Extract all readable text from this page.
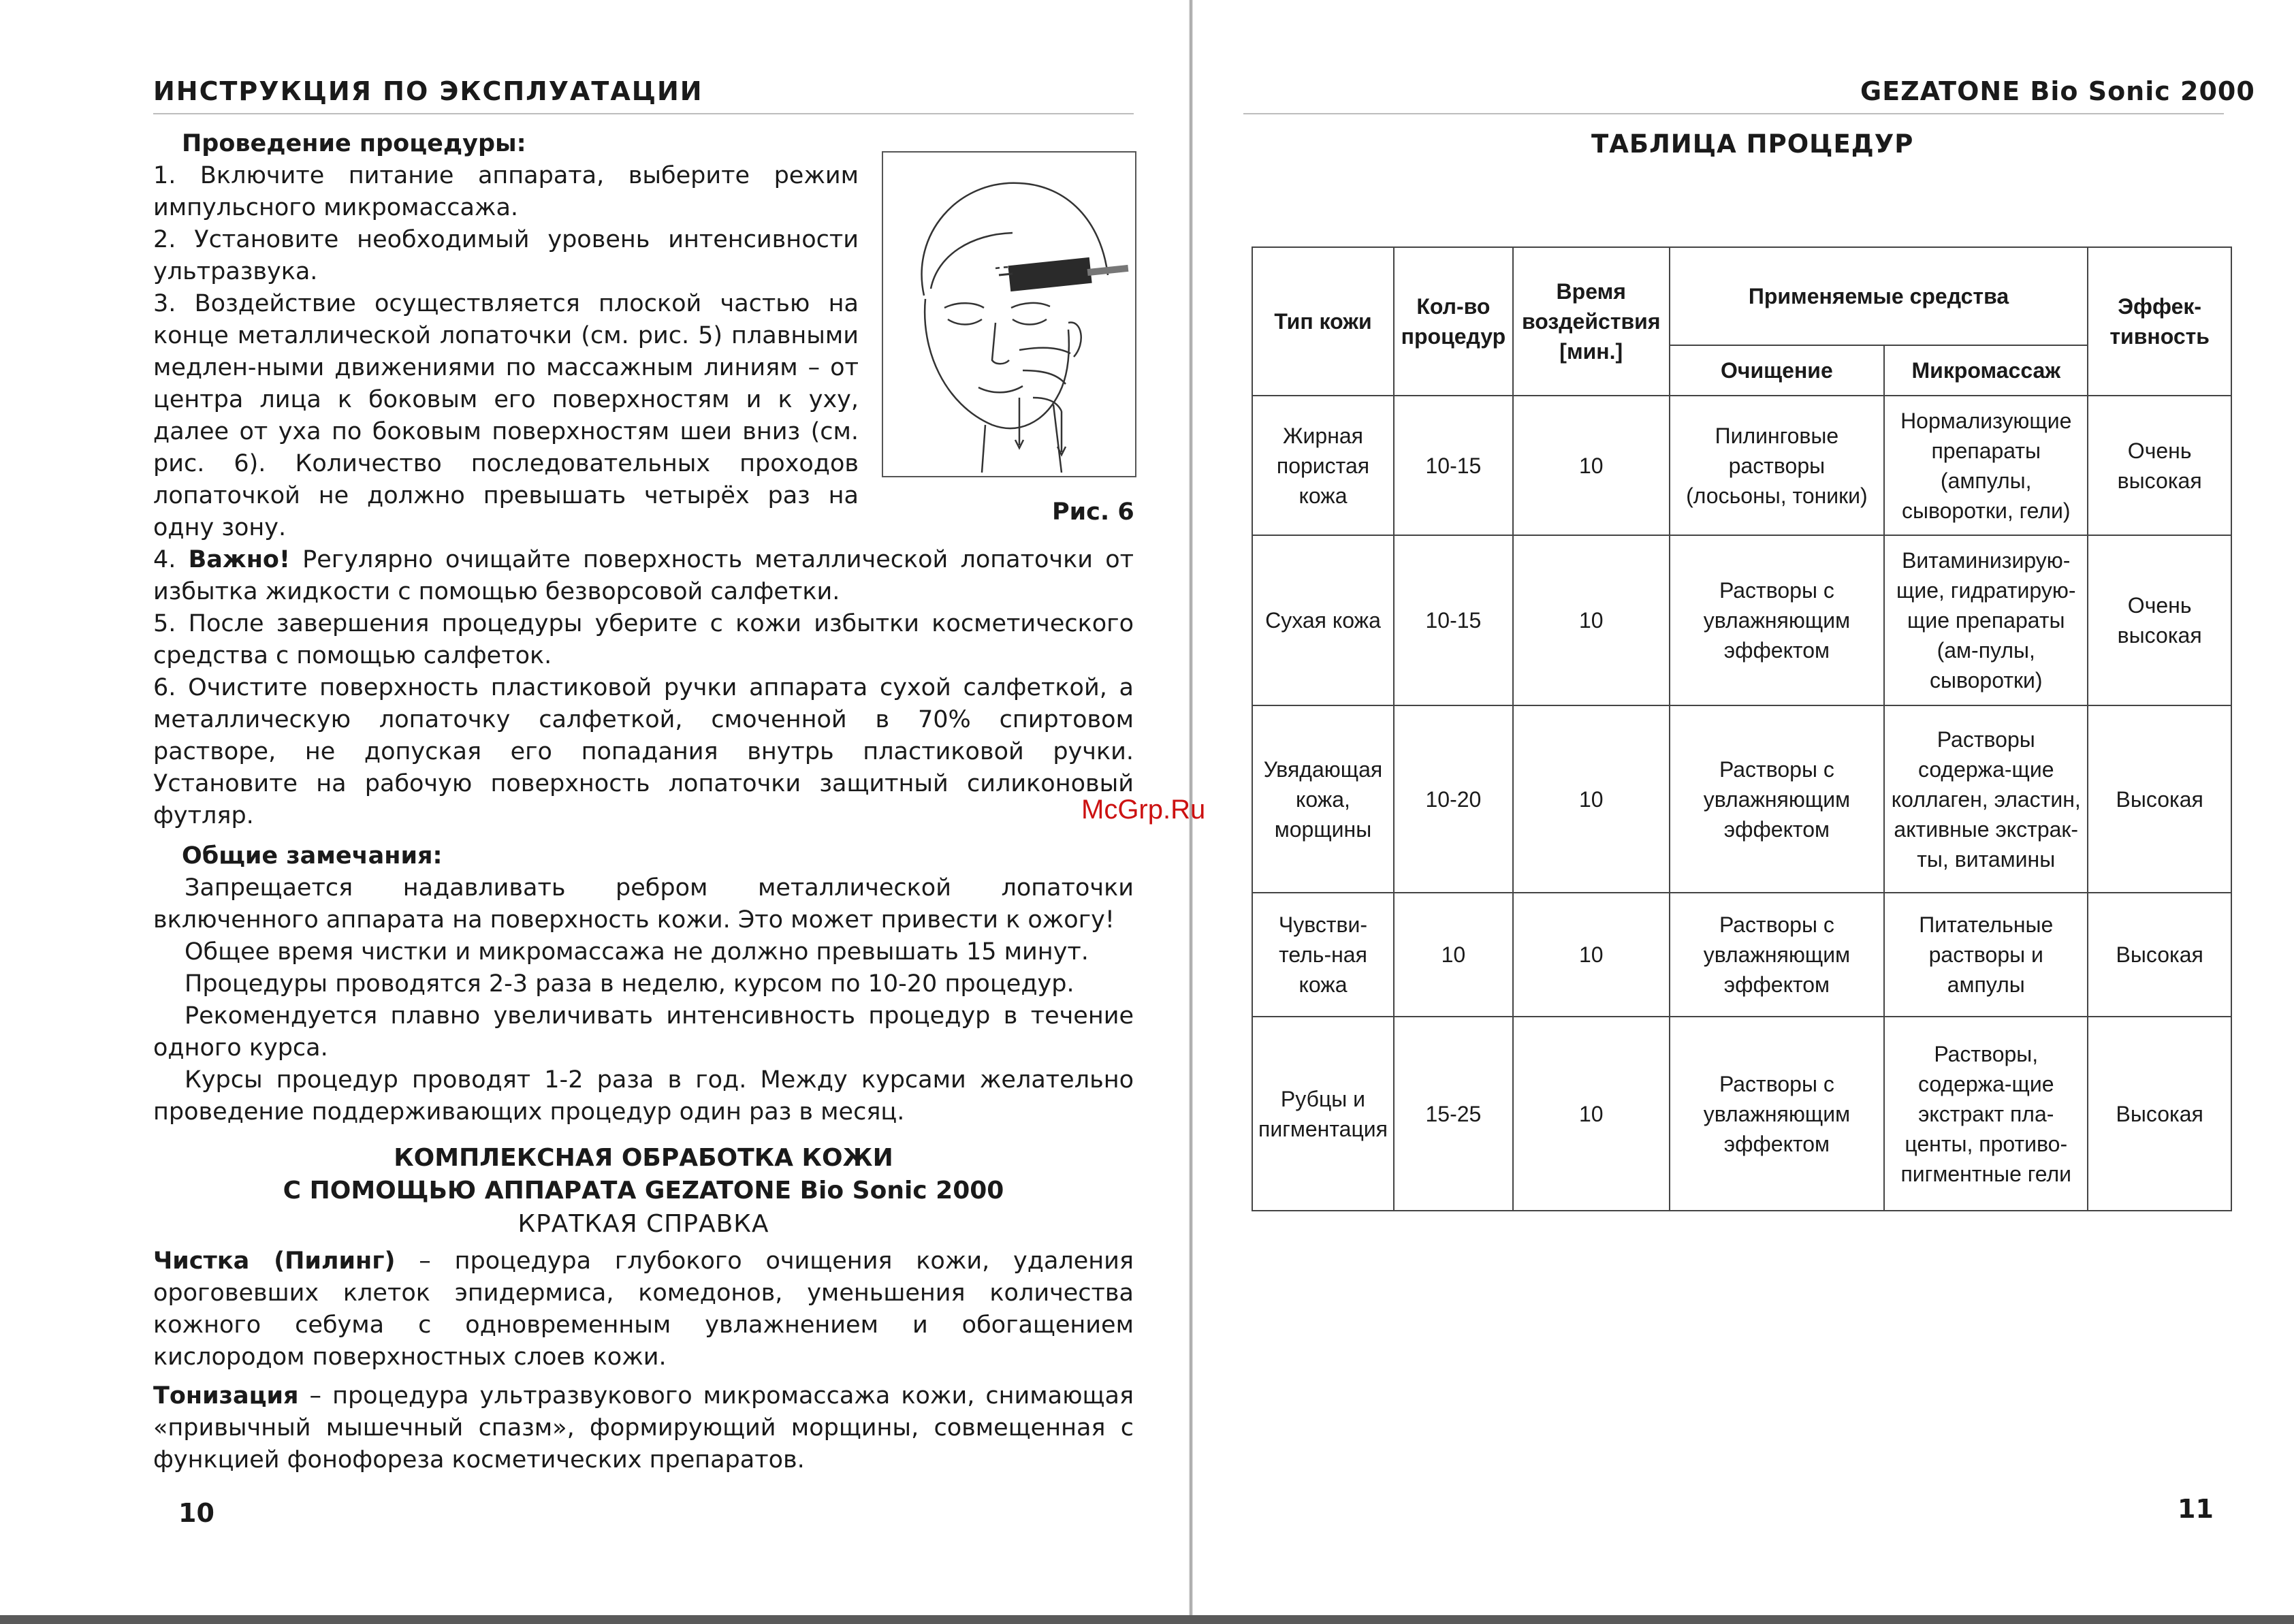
ИНСТРУКЦИЯ ПО ЭКСПЛУАТАЦИИ

Проведение процедуры:

1. Включите питание аппарата, выберите режим импульсного микромассажа.

2. Установите необходимый уровень интенсивности ультразвука.

3. Воздействие осуществляется плоской частью на конце металлической лопаточки (см. рис. 5) плавными медлен-ными движениями по массажным линиям – от центра лица к боковым его поверхностям и к уху, далее от уха по боковым поверхностям шеи вниз (см. рис. 6). Количество последовательных проходов лопаточкой не должно превышать четырёх раз на одну зону.

4. Важно! Регулярно очищайте поверхность металлической лопаточки от избытка жидкости с помощью безворсовой салфетки.

5. После завершения процедуры уберите с кожи избытки косметического средства с помощью салфеток.

6. Очистите поверхность пластиковой ручки аппарата сухой салфеткой, а металлическую лопаточку салфеткой, смоченной в 70% спиртовом растворе, не допуская его попадания внутрь пластиковой ручки. Установите на рабочую поверхность лопаточки защитный силиконовый футляр.

Общие замечания:

Запрещается надавливать ребром металлической лопаточки включенного аппарата на поверхность кожи. Это может привести к ожогу!

Общее время чистки и микромассажа не должно превышать 15 минут.

Процедуры проводятся 2-3 раза в неделю, курсом по 10-20 процедур.

Рекомендуется плавно увеличивать интенсивность процедур в течение одного курса.

Курсы процедур проводят 1-2 раза в год. Между курсами желательно проведение поддерживающих процедур один раз в месяц.

КОМПЛЕКСНАЯ ОБРАБОТКА КОЖИ
С ПОМОЩЬЮ АППАРАТА GEZATONE Bio Sonic 2000
КРАТКАЯ СПРАВКА

Чистка (Пилинг) – процедура глубокого очищения кожи, удаления ороговевших клеток эпидермиса, комедонов, уменьшения количества кожного себума с одновременным увлажнением и обогащением кислородом поверхностных слоев кожи.

Тонизация – процедура ультразвукового микромассажа кожи, снимающая «привычный мышечный спазм», формирующий морщины, совмещенная с функцией фонофореза косметических препаратов.

Рис. 6
10
GEZATONE Bio Sonic 2000
ТАБЛИЦА ПРОЦЕДУР
Тип кожи	Кол-во процедур	Время воздействия [мин.]	Применяемые средства		Эффек-тивность
			Очищение	Микромассаж	
Жирная пористая кожа	10-15	10	Пилинговые растворы (лосьоны, тоники)	Нормализующие препараты (ампулы, сыворотки, гели)	Очень высокая
Сухая кожа	10-15	10	Растворы с увлажняющим эффектом	Витаминизирую-щие, гидратирую-щие препараты (ам-пулы, сыворотки)	Очень высокая
Увядающая кожа, морщины	10-20	10	Растворы с увлажняющим эффектом	Растворы содержа-щие коллаген, эластин, активные экстрак-ты, витамины	Высокая
Чувстви-тель-ная кожа	10	10	Растворы с увлажняющим эффектом	Питательные растворы и ампулы	Высокая
Рубцы и пигментация	15-25	10	Растворы с увлажняющим эффектом	Растворы, содержа-щие экстракт пла-центы, противо-пигментные гели	Высокая
11
McGrp.Ru
